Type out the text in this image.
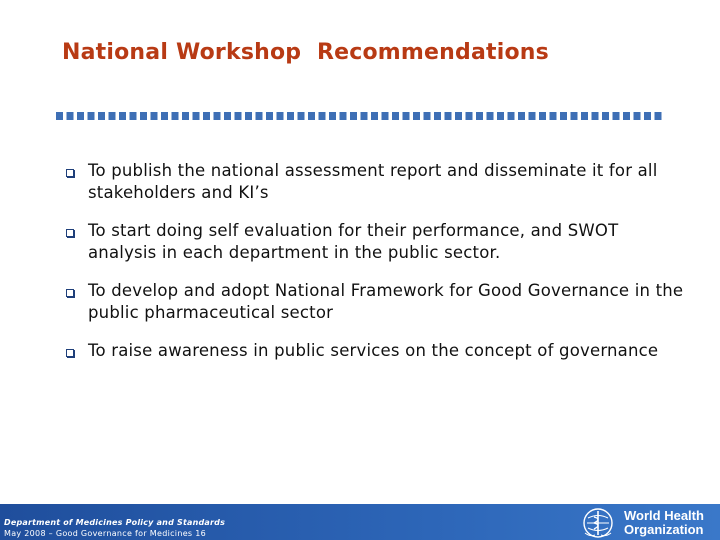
National Workshop  Recommendations
To publish the national assessment report and disseminate it for all stakeholders and KI’s
To start doing self evaluation for their performance, and SWOT analysis in each department in the public sector.
To develop and adopt National Framework for Good Governance in the public pharmaceutical sector
To raise awareness in public services on the concept of governance
Department of Medicines Policy and Standards
May 2008 – Good Governance for Medicines 16
World Health
Organization
